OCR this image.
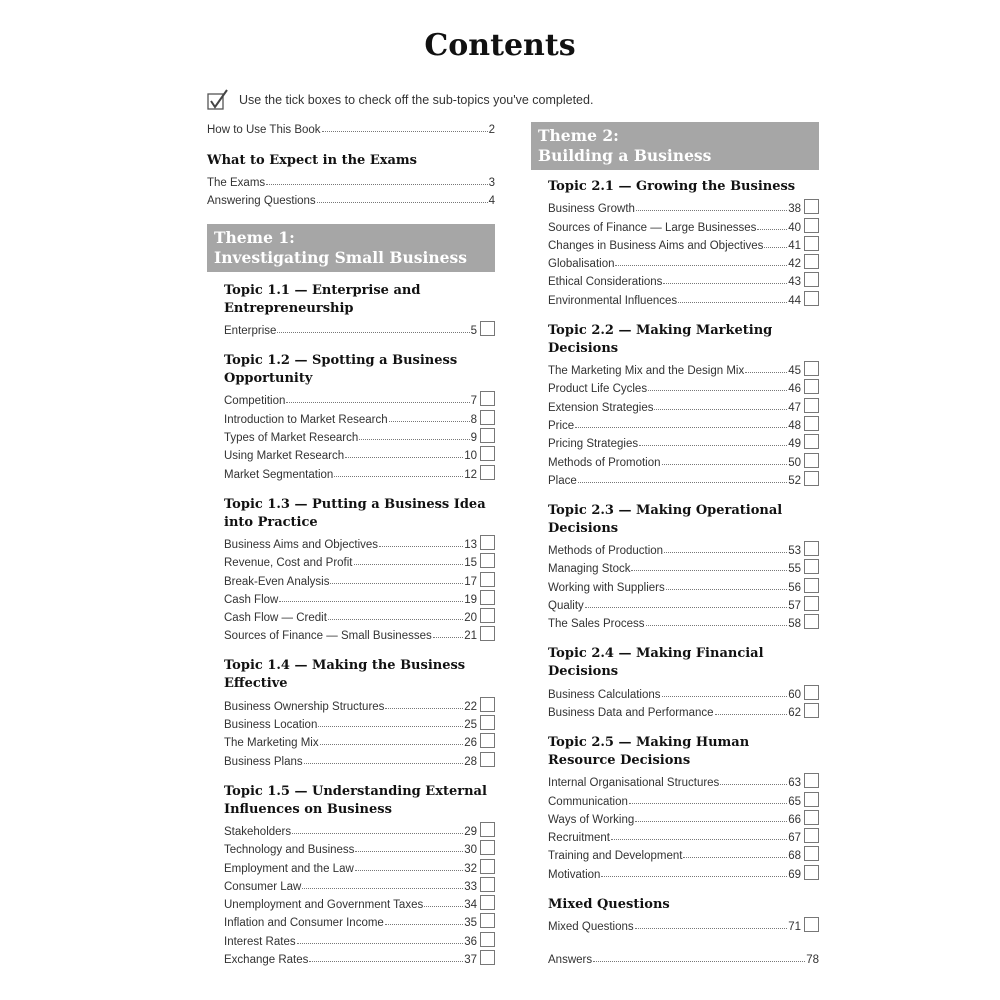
Contents
Use the tick boxes to check off the sub-topics you've completed.
How to Use This Book	2
What to Expect in the Exams
The Exams	3
Answering Questions	4
Theme 1:
Investigating Small Business
Topic 1.1 — Enterprise and Entrepreneurship
Enterprise	5
Topic 1.2 — Spotting a Business Opportunity
Competition	7
Introduction to Market Research	8
Types of Market Research	9
Using Market Research	10
Market Segmentation	12
Topic 1.3 — Putting a Business Idea into Practice
Business Aims and Objectives	13
Revenue, Cost and Profit	15
Break-Even Analysis	17
Cash Flow	19
Cash Flow — Credit	20
Sources of Finance — Small Businesses	21
Topic 1.4 — Making the Business Effective
Business Ownership Structures	22
Business Location	25
The Marketing Mix	26
Business Plans	28
Topic 1.5 — Understanding External Influences on Business
Stakeholders	29
Technology and Business	30
Employment and the Law	32
Consumer Law	33
Unemployment and Government Taxes	34
Inflation and Consumer Income	35
Interest Rates	36
Exchange Rates	37
Theme 2:
Building a Business
Topic 2.1 — Growing the Business
Business Growth	38
Sources of Finance — Large Businesses	40
Changes in Business Aims and Objectives 41
Globalisation	42
Ethical Considerations	43
Environmental Influences	44
Topic 2.2 — Making Marketing Decisions
The Marketing Mix and the Design Mix	45
Product Life Cycles	46
Extension Strategies	47
Price	48
Pricing Strategies	49
Methods of Promotion	50
Place	52
Topic 2.3 — Making Operational Decisions
Methods of Production	53
Managing Stock	55
Working with Suppliers	56
Quality	57
The Sales Process	58
Topic 2.4 — Making Financial Decisions
Business Calculations	60
Business Data and Performance	62
Topic 2.5 — Making Human Resource Decisions
Internal Organisational Structures	63
Communication	65
Ways of Working	66
Recruitment	67
Training and Development	68
Motivation	69
Mixed Questions
Mixed Questions	71
Answers	78
